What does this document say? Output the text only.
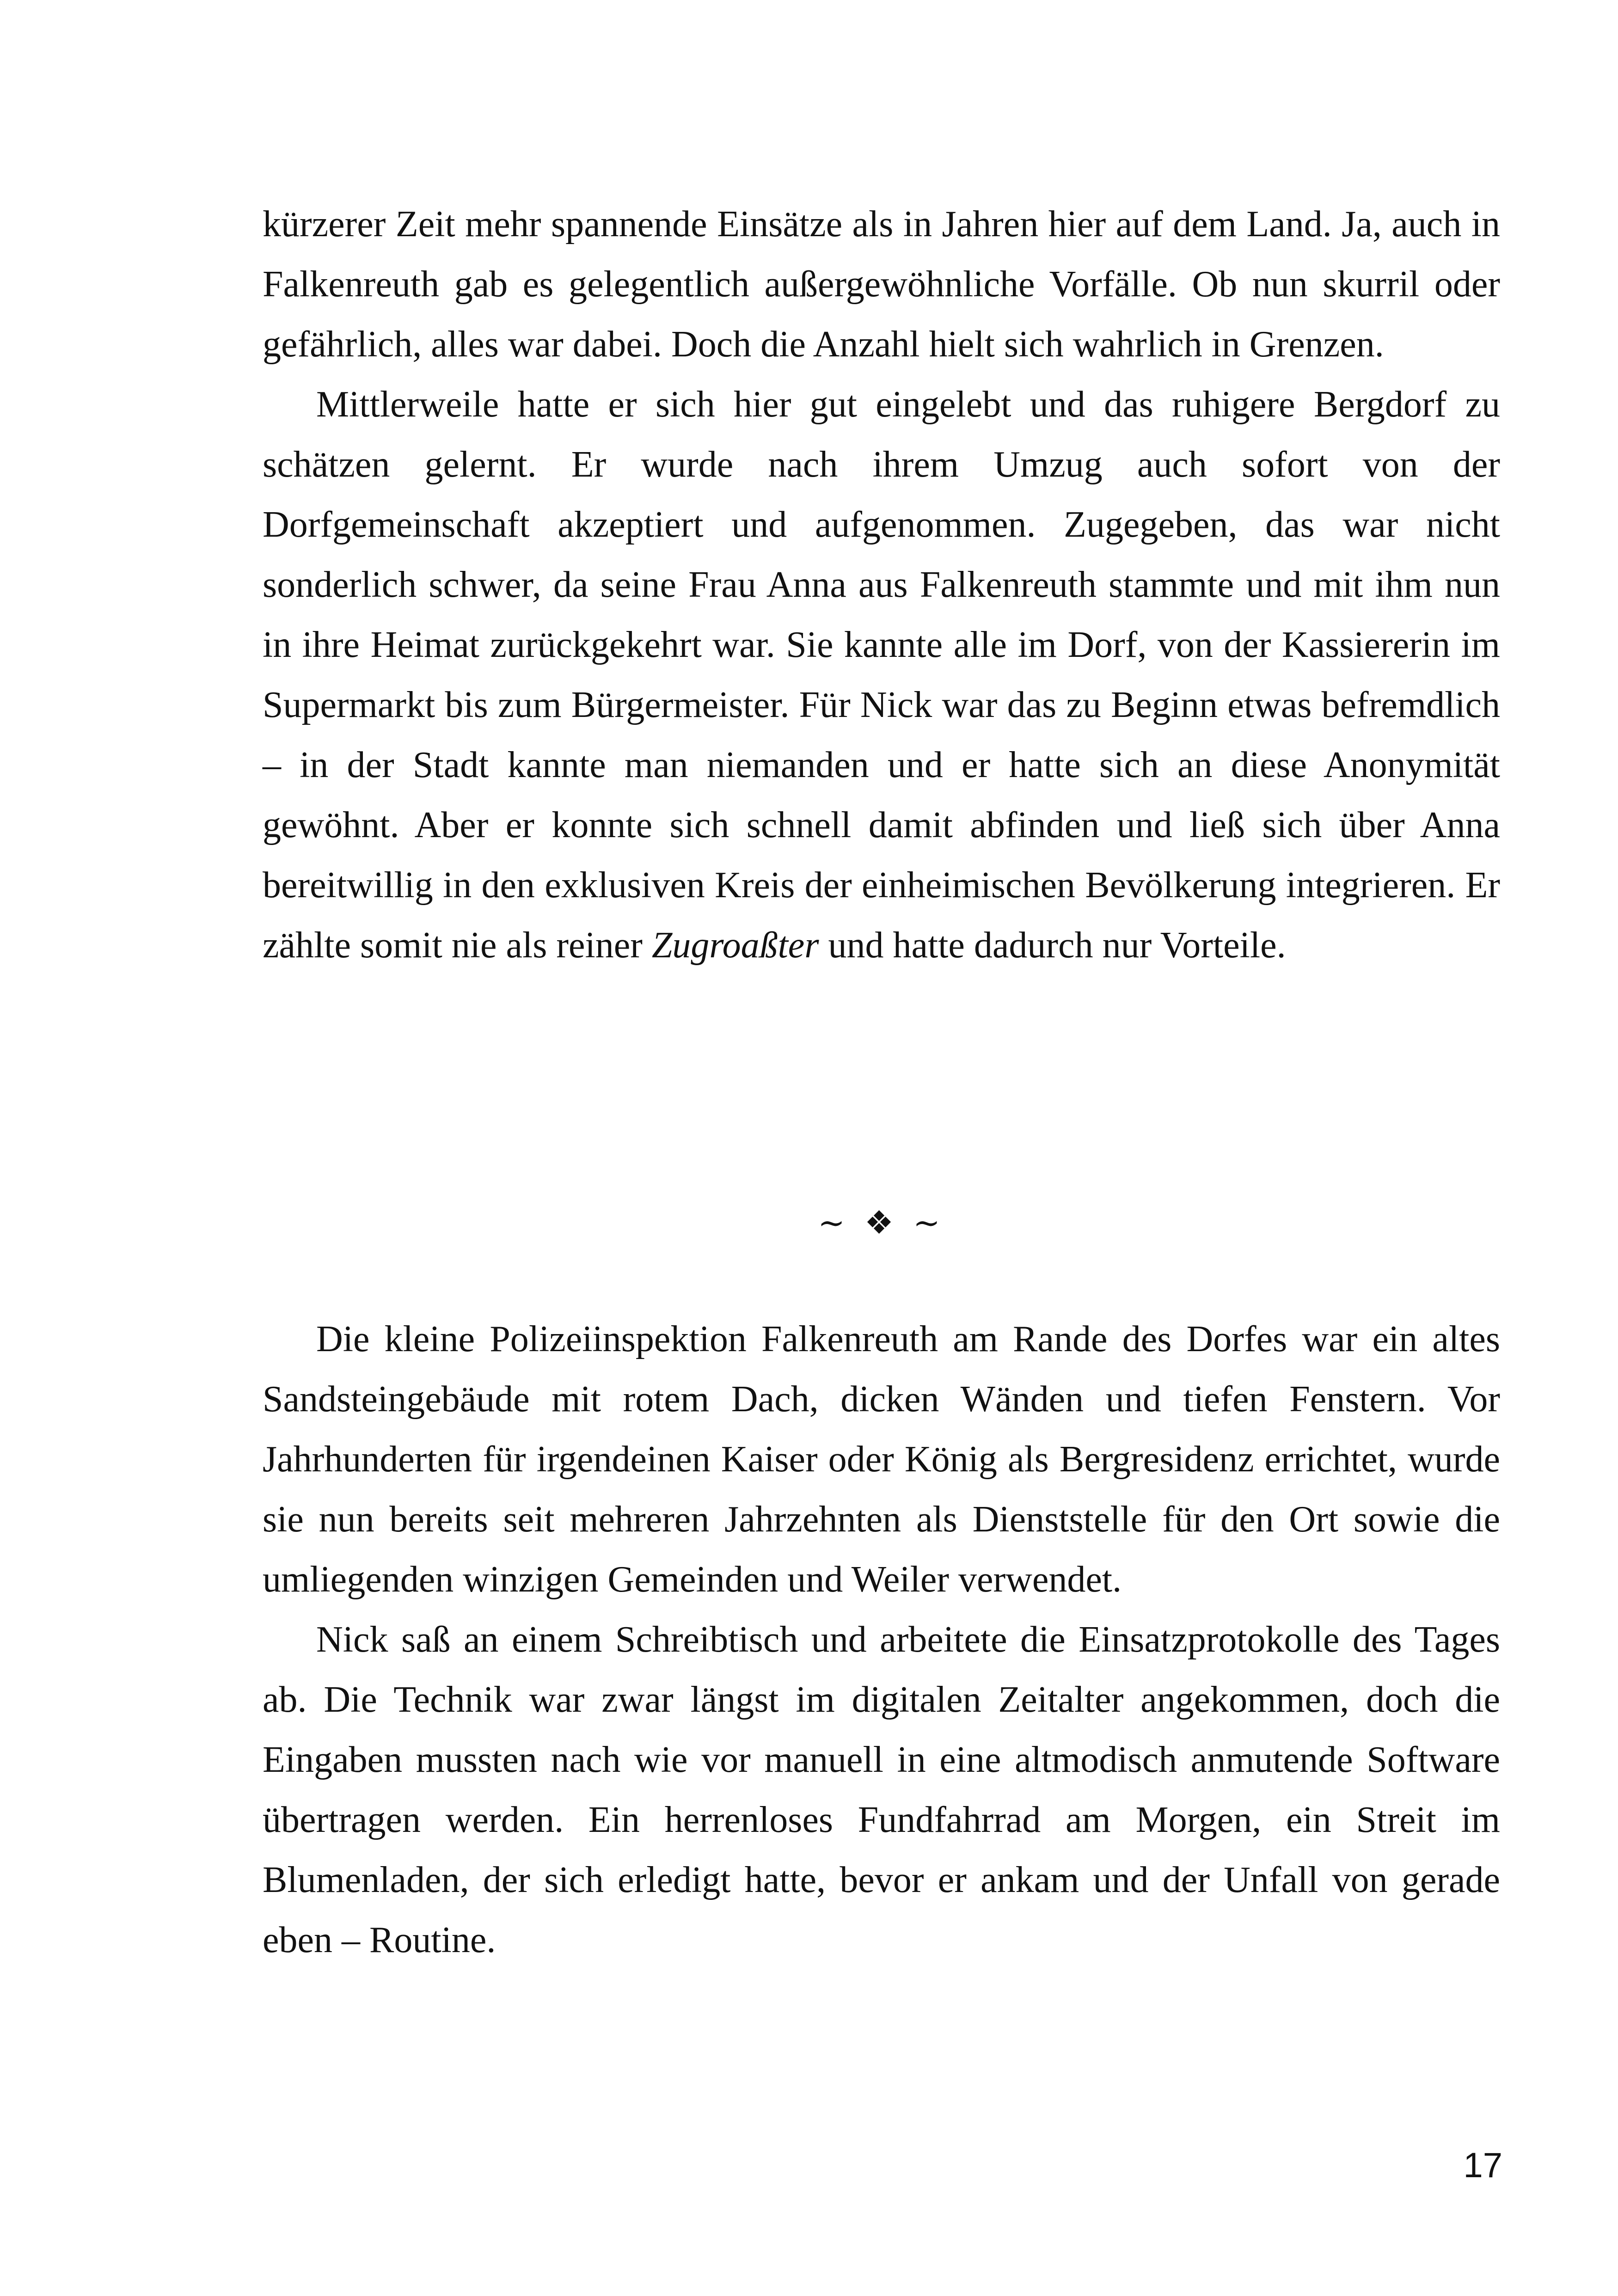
kürzerer Zeit mehr spannende Einsätze als in Jahren hier auf dem Land. Ja, auch in Falkenreuth gab es gelegentlich außergewöhnliche Vorfälle. Ob nun skurril oder gefährlich, alles war dabei. Doch die Anzahl hielt sich wahrlich in Grenzen.

Mittlerweile hatte er sich hier gut eingelebt und das ruhigere Bergdorf zu schätzen gelernt. Er wurde nach ihrem Umzug auch sofort von der Dorfgemeinschaft akzeptiert und aufgenommen. Zugegeben, das war nicht sonderlich schwer, da seine Frau Anna aus Falkenreuth stammte und mit ihm nun in ihre Heimat zurückgekehrt war. Sie kannte alle im Dorf, von der Kassiererin im Supermarkt bis zum Bürgermeister. Für Nick war das zu Beginn etwas befremdlich – in der Stadt kannte man niemanden und er hatte sich an diese Anonymität gewöhnt. Aber er konnte sich schnell damit abfinden und ließ sich über Anna bereitwillig in den exklusiven Kreis der einheimischen Bevölkerung integrieren. Er zählte somit nie als reiner Zugroaßter und hatte dadurch nur Vorteile.

~ ❖ ~

Die kleine Polizeiinspektion Falkenreuth am Rande des Dorfes war ein altes Sandsteingebäude mit rotem Dach, dicken Wänden und tiefen Fenstern. Vor Jahrhunderten für irgendeinen Kaiser oder König als Bergresidenz errichtet, wurde sie nun bereits seit mehreren Jahrzehnten als Dienststelle für den Ort sowie die umliegenden winzigen Gemeinden und Weiler verwendet.

Nick saß an einem Schreibtisch und arbeitete die Einsatzprotokolle des Tages ab. Die Technik war zwar längst im digitalen Zeitalter angekommen, doch die Eingaben mussten nach wie vor manuell in eine altmodisch anmutende Software übertragen werden. Ein herrenloses Fundfahrrad am Morgen, ein Streit im Blumenladen, der sich erledigt hatte, bevor er ankam und der Unfall von gerade eben – Routine.

17
